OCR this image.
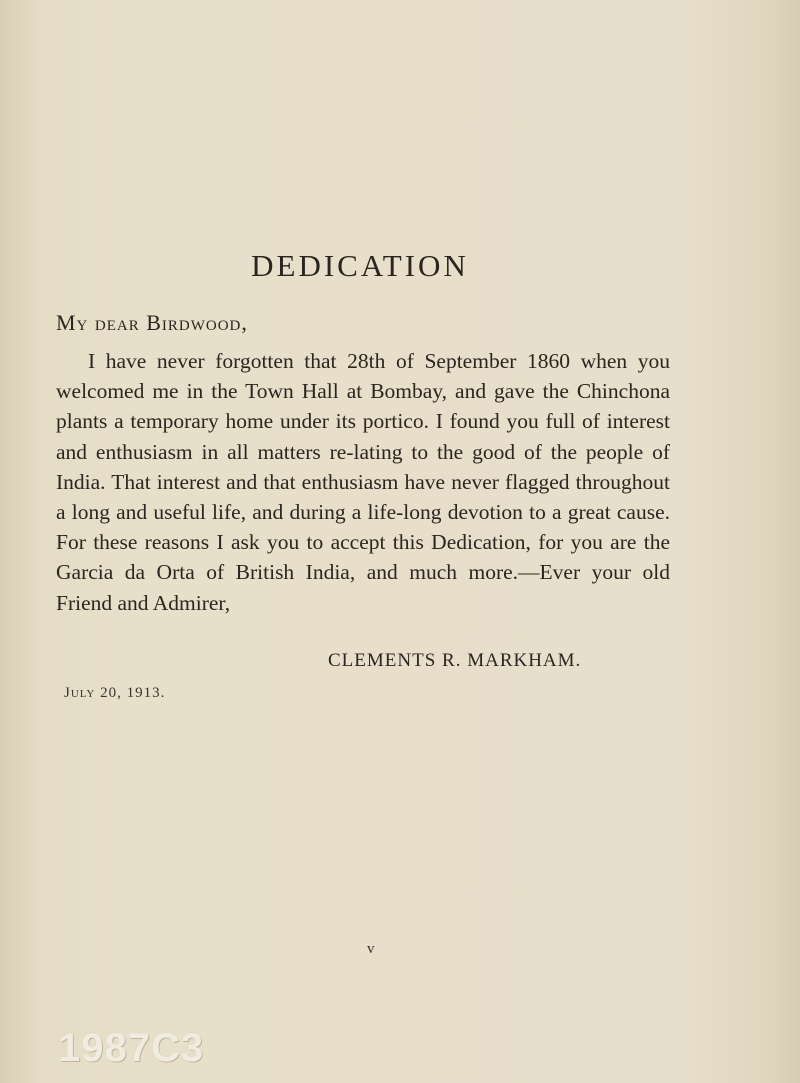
DEDICATION
My dear Birdwood,
I have never forgotten that 28th of September 1860 when you welcomed me in the Town Hall at Bombay, and gave the Chinchona plants a temporary home under its portico. I found you full of interest and enthusiasm in all matters re-lating to the good of the people of India. That interest and that enthusiasm have never flagged throughout a long and useful life, and during a life-long devotion to a great cause. For these reasons I ask you to accept this Dedication, for you are the Garcia da Orta of British India, and much more.—Ever your old Friend and Admirer,
CLEMENTS R. MARKHAM.
July 20, 1913.
v
1987C3
